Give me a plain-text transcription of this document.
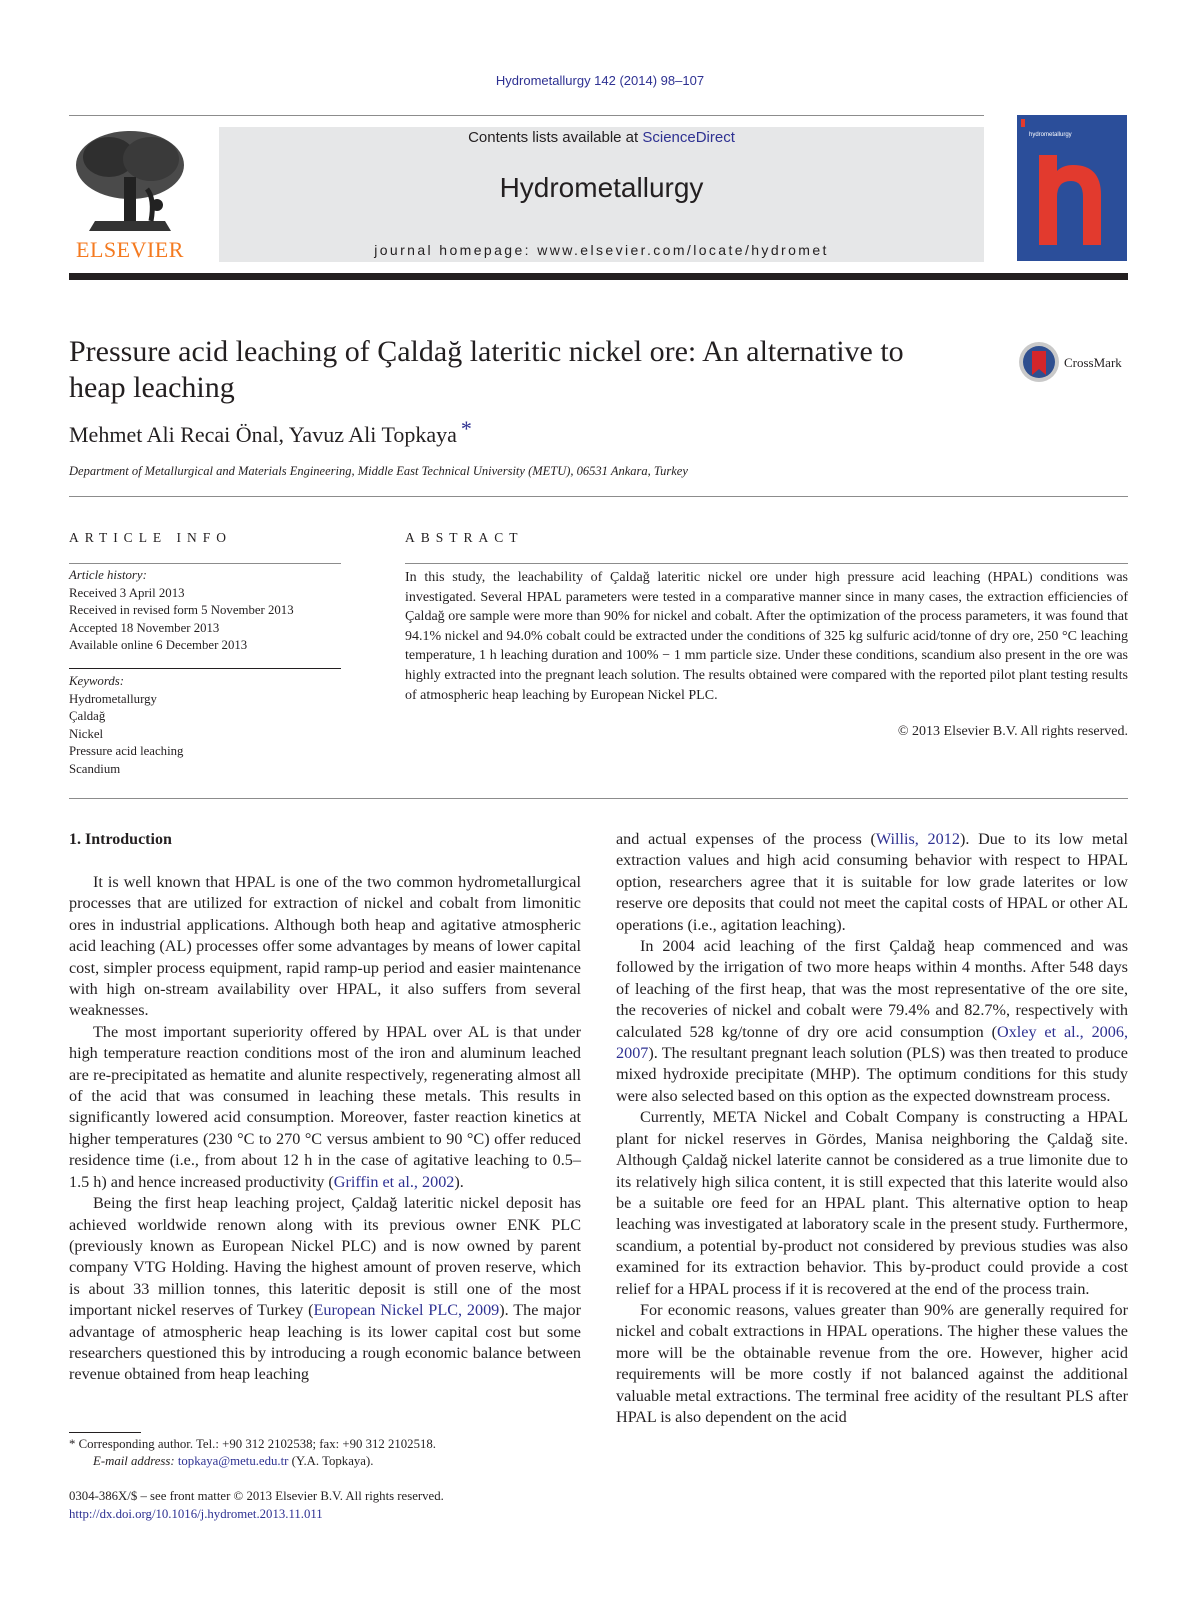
Hydrometallurgy 142 (2014) 98–107
ELSEVIER
Contents lists available at ScienceDirect
Hydrometallurgy
journal homepage: www.elsevier.com/locate/hydromet
hydrometallurgy
Pressure acid leaching of Çaldağ lateritic nickel ore: An alternative to heap leaching
CrossMark
Mehmet Ali Recai Önal, Yavuz Ali Topkaya *
Department of Metallurgical and Materials Engineering, Middle East Technical University (METU), 06531 Ankara, Turkey
ARTICLE INFO	ABSTRACT
Article history:
Received 3 April 2013
Received in revised form 5 November 2013
Accepted 18 November 2013
Available online 6 December 2013
Keywords:
Hydrometallurgy
Çaldağ
Nickel
Pressure acid leaching
Scandium
In this study, the leachability of Çaldağ lateritic nickel ore under high pressure acid leaching (HPAL) conditions was investigated. Several HPAL parameters were tested in a comparative manner since in many cases, the extraction efficiencies of Çaldağ ore sample were more than 90% for nickel and cobalt. After the optimization of the process parameters, it was found that 94.1% nickel and 94.0% cobalt could be extracted under the conditions of 325 kg sulfuric acid/tonne of dry ore, 250 °C leaching temperature, 1 h leaching duration and 100% − 1 mm particle size. Under these conditions, scandium also present in the ore was highly extracted into the pregnant leach solution. The results obtained were compared with the reported pilot plant testing results of atmospheric heap leaching by European Nickel PLC.
© 2013 Elsevier B.V. All rights reserved.
1. Introduction

It is well known that HPAL is one of the two common hydrometallurgical processes that are utilized for extraction of nickel and cobalt from limonitic ores in industrial applications. Although both heap and agitative atmospheric acid leaching (AL) processes offer some advantages by means of lower capital cost, simpler process equipment, rapid ramp-up period and easier maintenance with high on-stream availability over HPAL, it also suffers from several weaknesses.

The most important superiority offered by HPAL over AL is that under high temperature reaction conditions most of the iron and aluminum leached are re-precipitated as hematite and alunite respectively, regenerating almost all of the acid that was consumed in leaching these metals. This results in significantly lowered acid consumption. Moreover, faster reaction kinetics at higher temperatures (230 °C to 270 °C versus ambient to 90 °C) offer reduced residence time (i.e., from about 12 h in the case of agitative leaching to 0.5–1.5 h) and hence increased productivity (Griffin et al., 2002).

Being the first heap leaching project, Çaldağ lateritic nickel deposit has achieved worldwide renown along with its previous owner ENK PLC (previously known as European Nickel PLC) and is now owned by parent company VTG Holding. Having the highest amount of proven reserve, which is about 33 million tonnes, this lateritic deposit is still one of the most important nickel reserves of Turkey (European Nickel PLC, 2009). The major advantage of atmospheric heap leaching is its lower capital cost but some researchers questioned this by introducing a rough economic balance between revenue obtained from heap leaching

and actual expenses of the process (Willis, 2012). Due to its low metal extraction values and high acid consuming behavior with respect to HPAL option, researchers agree that it is suitable for low grade laterites or low reserve ore deposits that could not meet the capital costs of HPAL or other AL operations (i.e., agitation leaching).

In 2004 acid leaching of the first Çaldağ heap commenced and was followed by the irrigation of two more heaps within 4 months. After 548 days of leaching of the first heap, that was the most representative of the ore site, the recoveries of nickel and cobalt were 79.4% and 82.7%, respectively with calculated 528 kg/tonne of dry ore acid consumption (Oxley et al., 2006, 2007). The resultant pregnant leach solution (PLS) was then treated to produce mixed hydroxide precipitate (MHP). The optimum conditions for this study were also selected based on this option as the expected downstream process.

Currently, META Nickel and Cobalt Company is constructing a HPAL plant for nickel reserves in Gördes, Manisa neighboring the Çaldağ site. Although Çaldağ nickel laterite cannot be considered as a true limonite due to its relatively high silica content, it is still expected that this laterite would also be a suitable ore feed for an HPAL plant. This alternative option to heap leaching was investigated at laboratory scale in the present study. Furthermore, scandium, a potential by-product not considered by previous studies was also examined for its extraction behavior. This by-product could provide a cost relief for a HPAL process if it is recovered at the end of the process train.

For economic reasons, values greater than 90% are generally required for nickel and cobalt extractions in HPAL operations. The higher these values the more will be the obtainable revenue from the ore. However, higher acid requirements will be more costly if not balanced against the additional valuable metal extractions. The terminal free acidity of the resultant PLS after HPAL is also dependent on the acid

* Corresponding author. Tel.: +90 312 2102538; fax: +90 312 2102518.
E-mail address: topkaya@metu.edu.tr (Y.A. Topkaya).
0304-386X/$ – see front matter © 2013 Elsevier B.V. All rights reserved.
http://dx.doi.org/10.1016/j.hydromet.2013.11.011
